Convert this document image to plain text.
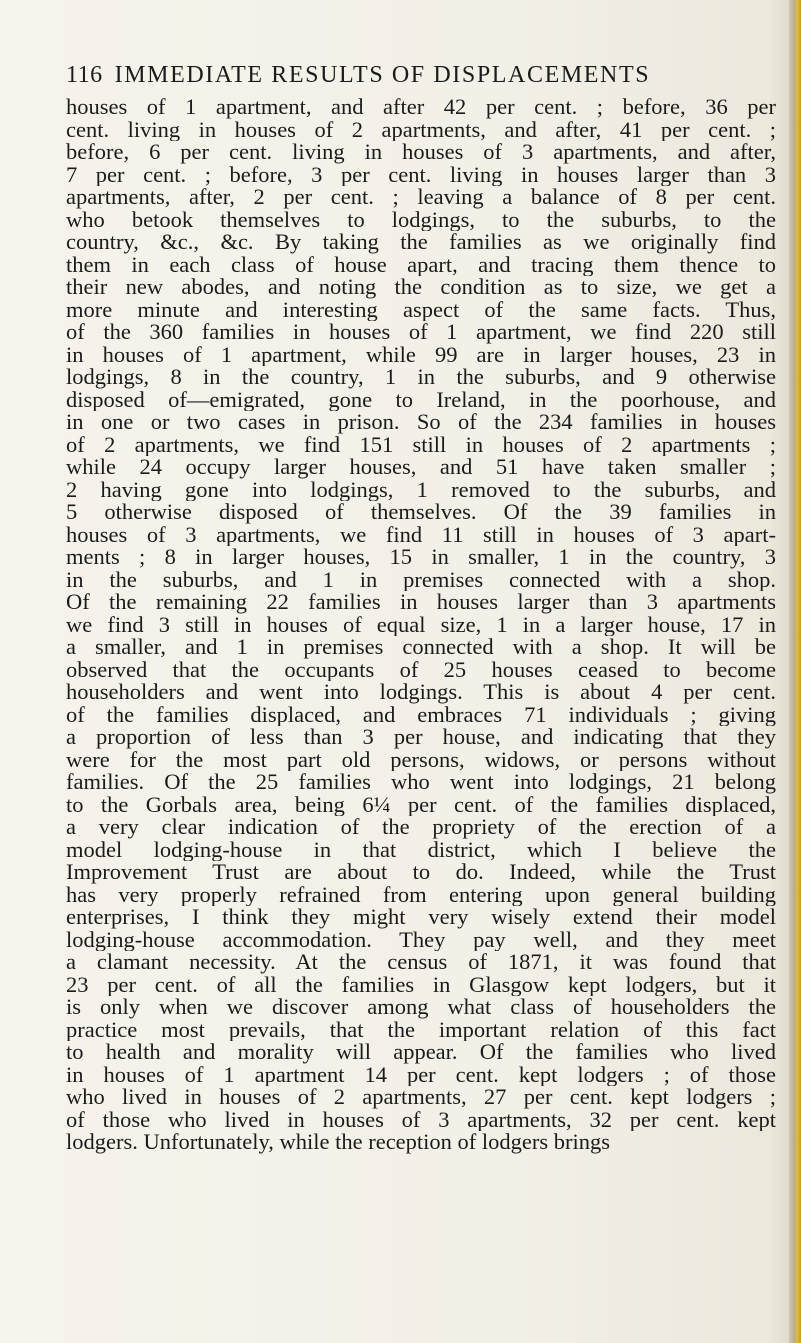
116 IMMEDIATE RESULTS OF DISPLACEMENTS
houses of 1 apartment, and after 42 per cent. ; before, 36 per
cent. living in houses of 2 apartments, and after, 41 per cent. ;
before, 6 per cent. living in houses of 3 apartments, and after,
7 per cent. ; before, 3 per cent. living in houses larger than 3
apartments, after, 2 per cent. ; leaving a balance of 8 per cent.
who betook themselves to lodgings, to the suburbs, to the
country, &c., &c. By taking the families as we originally find
them in each class of house apart, and tracing them thence to
their new abodes, and noting the condition as to size, we get a
more minute and interesting aspect of the same facts. Thus,
of the 360 families in houses of 1 apartment, we find 220 still
in houses of 1 apartment, while 99 are in larger houses, 23 in
lodgings, 8 in the country, 1 in the suburbs, and 9 otherwise
disposed of—emigrated, gone to Ireland, in the poorhouse, and
in one or two cases in prison. So of the 234 families in houses
of 2 apartments, we find 151 still in houses of 2 apartments ;
while 24 occupy larger houses, and 51 have taken smaller ;
2 having gone into lodgings, 1 removed to the suburbs, and
5 otherwise disposed of themselves. Of the 39 families in
houses of 3 apartments, we find 11 still in houses of 3 apart-
ments ; 8 in larger houses, 15 in smaller, 1 in the country, 3
in the suburbs, and 1 in premises connected with a shop.
Of the remaining 22 families in houses larger than 3 apartments
we find 3 still in houses of equal size, 1 in a larger house, 17 in
a smaller, and 1 in premises connected with a shop. It will be
observed that the occupants of 25 houses ceased to become
householders and went into lodgings. This is about 4 per cent.
of the families displaced, and embraces 71 individuals ; giving
a proportion of less than 3 per house, and indicating that they
were for the most part old persons, widows, or persons without
families. Of the 25 families who went into lodgings, 21 belong
to the Gorbals area, being 6¼ per cent. of the families displaced,
a very clear indication of the propriety of the erection of a
model lodging-house in that district, which I believe the
Improvement Trust are about to do. Indeed, while the Trust
has very properly refrained from entering upon general building
enterprises, I think they might very wisely extend their model
lodging-house accommodation. They pay well, and they meet
a clamant necessity. At the census of 1871, it was found that
23 per cent. of all the families in Glasgow kept lodgers, but it
is only when we discover among what class of householders the
practice most prevails, that the important relation of this fact
to health and morality will appear. Of the families who lived
in houses of 1 apartment 14 per cent. kept lodgers ; of those
who lived in houses of 2 apartments, 27 per cent. kept lodgers ;
of those who lived in houses of 3 apartments, 32 per cent. kept
lodgers. Unfortunately, while the reception of lodgers brings
